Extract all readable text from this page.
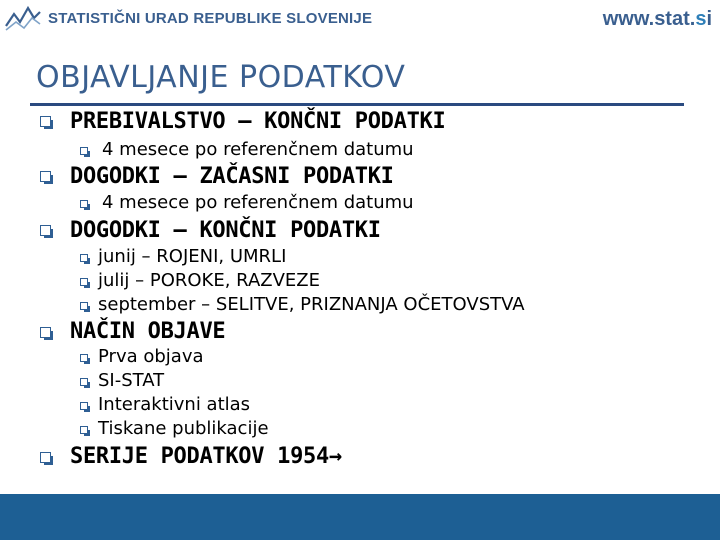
STATISTIČNI URAD REPUBLIKE SLOVENIJE	www.stat.si
OBJAVLJANJE PODATKOV
PREBIVALSTVO – KONČNI PODATKI
4 mesece po referenčnem datumu
DOGODKI – ZAČASNI PODATKI
4 mesece po referenčnem datumu
DOGODKI – KONČNI PODATKI
junij – ROJENI, UMRLI
julij – POROKE, RAZVEZE
september – SELITVE, PRIZNANJA OČETOVSTVA
NAČIN OBJAVE
Prva objava
SI-STAT
Interaktivni atlas
Tiskane publikacije
SERIJE PODATKOV 1954→
